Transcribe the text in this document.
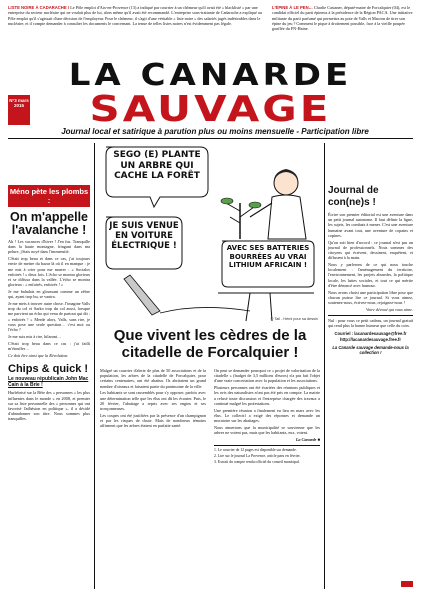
LISTE NOIRE À CADARACHE ! Le Pôle emploi d'Aix-en-Provence (13) a indiqué par courrier à un chômeur qu'il avait été « blacklisté » par une entreprise du secteur nucléaire qui ne voulait plus de lui, alors même qu'il avait été recommandé. L'entreprise sous-traitante de Cadarache a expliqué au Pôle emploi qu'il s'agissait d'une décision de l'employeur. Pour le chômeur, il s'agit d'une véritable « liste noire » des salariés jugés indésirables dans le nucléaire, et il compte demander à consulter les documents le concernant. La tenue de telles listes noires n'est évidemment pas légale.
L'ÉPINE À LE PEN… Charlie Castaner, député-maire de Forcalquier (04), est le candidat officiel du parti épineux à la présidence de la Région PACA. Une initiative militante du parti parfumé qui permettra au pote de Valls et Macron de tirer son épine du jeu ? Comment le pique à droitement possible, face à la vieille poupée gonflée du FN-Haine.
LA CANARDE
SAUVAGE
N°3 mars 2015
Journal local et satirique à parution plus ou moins mensuelle - Participation libre
Méno pète les plombs :
On m'appelle l'avalanche !

Ah ! Les vacances d'hiver ! J'en fus. Tranquille dans la haute montagne, fringant dans ma pelure, j'étais noyé dans l'immensité.

C'était trop beau et dans ce cas, j'ai toujours envie de mettre du bazar là où il en manque : je me mis à crier pour me marrer : « Socialos enfoirés ! » deux fois. L'écho se montra glorieux et se diffusa dans la vallée. L'écho se montra glorieux : « enfoirés, enfoirés ! »

Je me baladais en gloussant comme un zèbre qui, ayant trop bu, se vautra.

Je me mets à trouver autre chose. J'imagine Valls trop du col et Sarko trop du col aussi, lorsque me parvient un écho qui venu de partout qui dit : « enfoirés ! » Merde alors, Valls, sans rire, je vous pose une seule question… c'est moi ou l'écho ?

Je me suis mis à rire, hilarant…

C'était trop beau dans ce cas : j'ai failli m'étouffer…

Ce doit être ainsi que la Révolution.

Chips & quick !
Le nouveau républicain John Mac Cain à la Brie !

Hurlebrisé sur la Bête des « personnes » les plus influentes dans le monde » en 2008, et premier sur sa liste personnelle des « personnes qui ont favorisé l'adhésion en politique », il a décidé d'abandonner son titre. Nous sommes plus tranquilles.

SEGO (E) PLANTE UN ARBRE QUI CACHE LA FORÊT
JE SUIS VENUE EN VOITURE ÉLECTRIQUE !	AVEC SES BATTERIES BOURRÉES AU VRAI LITHIUM AFRICAIN !
© Tall - Hémi pour sa dessin
Que vivent les cèdres de la citadelle de Forcalquier !

Malgré un courrier d'alerte de plus de 50 associations et de la population, les arbres de la citadelle de Forcalquier, pour certains centenaires, ont été abattus. Ils abritaient un grand nombre d'oiseaux et faisaient partie du patrimoine de la ville.

Les habitants se sont rassemblés pour s'y opposer, parfois avec une détermination telle que les élus ont dû les écouter. Puis, le 20 février, l'abattage a repris avec ses engins et ses tronçonneuses.

Les coupes ont été justifiées par la présence d'un champignon et par les risques de chute. Mais de nombreux témoins affirment que les arbres étaient en parfaite santé.

On peut se demander pourquoi ce « projet de valorisation de la citadelle » (budget de 3,5 millions d'euros) n'a pas fait l'objet d'une vraie concertation avec la population et les associations.

Plusieurs personnes ont été écartées des réunions publiques et les avis des naturalistes n'ont pas été pris en compte. La mairie a refusé toute discussion et l'entreprise chargée des travaux a continué malgré les protestations.

Une première réunion a finalement eu lieu en mars avec les élus. Le collectif a exigé des réponses et demande un moratoire sur les abattages.

Nous aimerions que la municipalité se souvienne que les arbres ne votent pas, mais que les habitants, eux, votent.

La Canarde ■

1. Le courrier de 12 pages est disponible sur demande.

2. Lire sur le journal La Provence, article paru en février.

3. Extrait du compte rendu officiel du conseil municipal.

Journal de con(ne)s !

Écrire son premier éditorial est une aventure dans un petit journal autonome. Il faut définir la ligne, les sujets, les combats à mener. C'est une aventure humaine avant tout, une aventure de copains et copines.

Qu'on soit bien d'accord : ce journal n'est pas un journal de professionnels. Nous sommes des citoyens qui écrivent, dessinent, enquêtent, et diffusent à la main.

Nous y parlerons de ce qui nous touche localement : l'aménagement du territoire, l'environnement, les projets absurdes, la politique locale, les luttes sociales, et tout ce qui mérite d'être dénoncé avec humour.

Nous avons choisi une participation libre pour que chacun puisse lire ce journal. Si vous aimez, soutenez-nous, écrivez-nous, rejoignez-nous !

Votre dévoué qui vous aime.

Nul : pour vous ce petit cadeau, un journal gratuit qui rend plus la bonne humeur que celle du coin.

Courriel : lacanardesauvage@free.fr
http://lacanardesauvage.free.fr
La Canarde sauvage demande-nous la collection !
